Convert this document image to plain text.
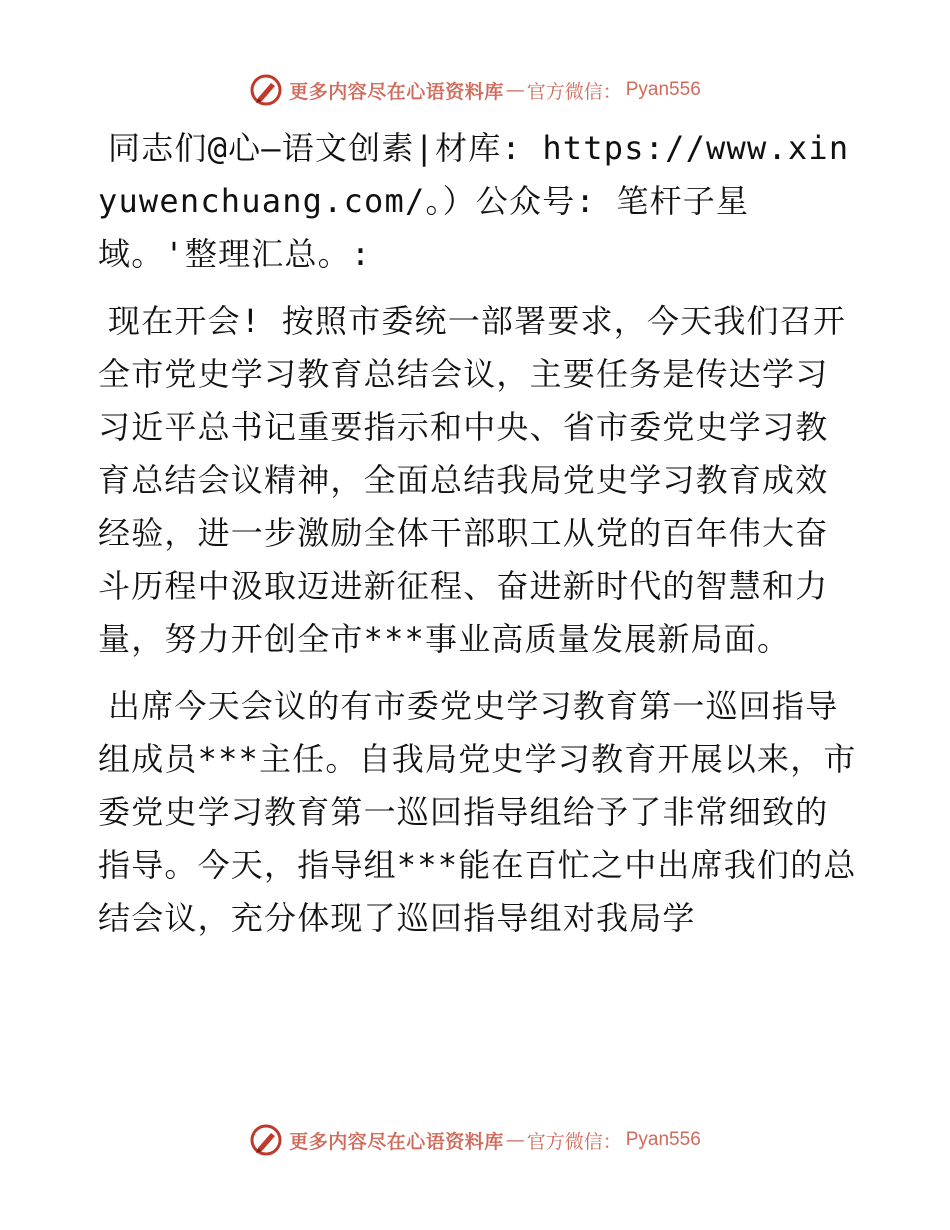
更多内容尽在心语资料库 — 官方微信： Pyan556

同志们@心—语文创素|材库: https://www.xinyuwenchuang.com/。）公众号: 笔杆子星域。'整理汇总。:

现在开会! 按照市委统一部署要求，今天我们召开全市党史学习教育总结会议，主要任务是传达学习习近平总书记重要指示和中央、省市委党史学习教育总结会议精神，全面总结我局党史学习教育成效经验，进一步激励全体干部职工从党的百年伟大奋斗历程中汲取迈进新征程、奋进新时代的智慧和力量，努力开创全市***事业高质量发展新局面。

出席今天会议的有市委党史学习教育第一巡回指导组成员***主任。自我局党史学习教育开展以来，市委党史学习教育第一巡回指导组给予了非常细致的指导。今天，指导组***能在百忙之中出席我们的总结会议，充分体现了巡回指导组对我局学

更多内容尽在心语资料库 — 官方微信： Pyan556
